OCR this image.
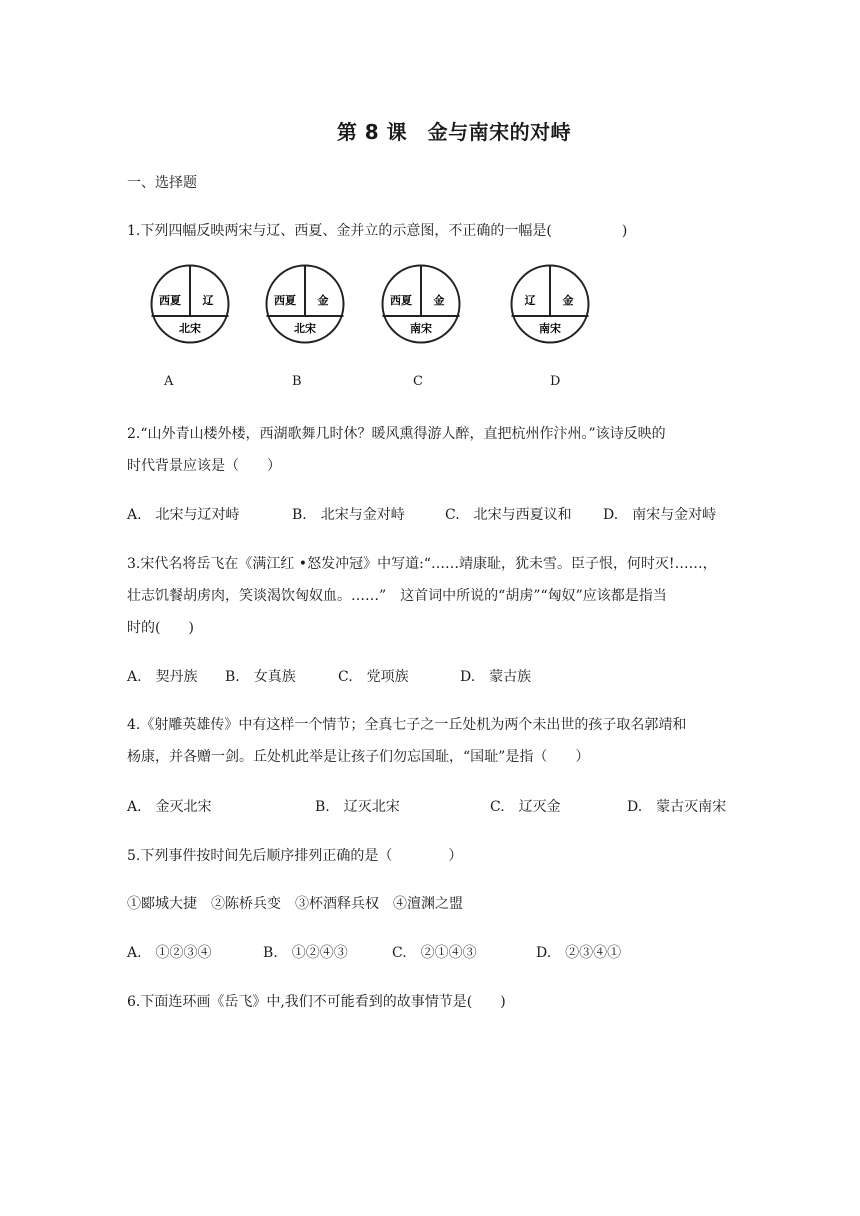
第 8 课　金与南宋的对峙
一、选择题
1.下列四幅反映两宋与辽、西夏、金并立的示意图，不正确的一幅是(　　　　　)
西夏 辽
北宋
西夏 金
北宋
西夏 金
南宋
辽 金
南宋
A	B	C	D
2.“山外青山楼外楼，西湖歌舞几时休？暖风熏得游人醉，直把杭州作汴州。”该诗反映的
时代背景应该是（　　）
A.　北宋与辽对峙	B.　北宋与金对峙	C.　北宋与西夏议和 D.　南宋与金对峙
3.宋代名将岳飞在《满江红 •怒发冲冠》中写道:“……靖康耻，犹未雪。臣子恨，何时灭!……，
壮志饥餐胡虏肉，笑谈渴饮匈奴血。……”　这首词中所说的“胡虏”“匈奴”应该都是指当
时的(　　)
A.　契丹族 B.　女真族	C.　党项族	D.　蒙古族
4.《射雕英雄传》中有这样一个情节；全真七子之一丘处机为两个未出世的孩子取名郭靖和
杨康，并各赠一剑。丘处机此举是让孩子们勿忘国耻，“国耻”是指（　　）
A.　金灭北宋	B.　辽灭北宋	C.　辽灭金	D.　蒙古灭南宋
5.下列事件按时间先后顺序排列正确的是（　　　　）
①郾城大捷　②陈桥兵变　③杯酒释兵权　④澶渊之盟
A.　①②③④	B.　①②④③	C.　②①④③	D.　②③④①
6.下面连环画《岳飞》中,我们不可能看到的故事情节是(　　)
